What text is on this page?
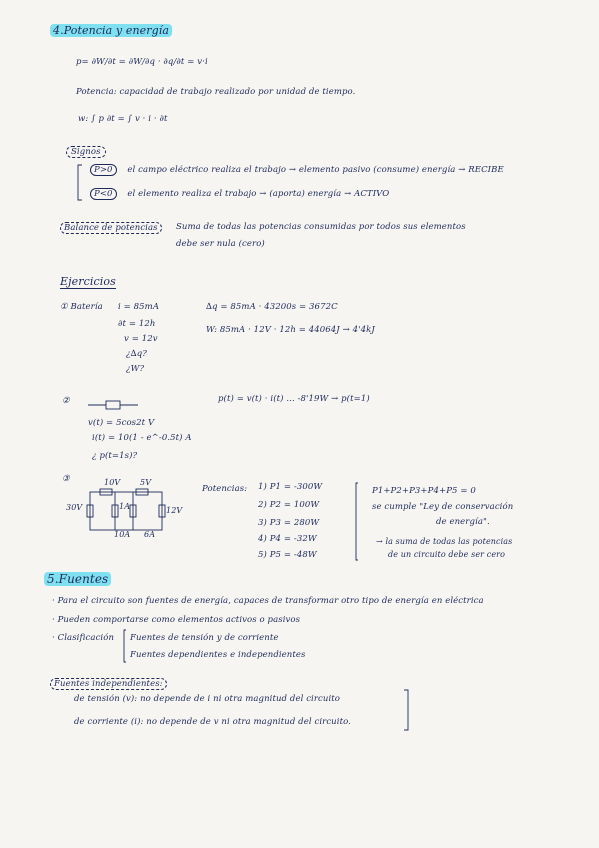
4.Potencia y energía
p= ∂W/∂t = ∂W/∂q · ∂q/∂t = v·i
Potencia: capacidad de trabajo realizado por unidad de tiempo.
w: ∫ p ∂t = ∫ v · i · ∂t
Signos
P>0 el campo eléctrico realiza el trabajo → elemento pasivo (consume) energía → RECIBE
P<0 el elemento realiza el trabajo → (aporta) energía → ACTIVO
Balance de potencias	Suma de todas las potencias consumidas por todos sus elementos
debe ser nula (cero)
Ejercicios
① Batería i = 85mA
∂t = 12h
v = 12v
¿∆q?
¿W?
∆q = 85mA · 43200s = 3672C
W: 85mA · 12V · 12h = 44064J → 4'4kJ
②
v(t) = 5cos2t V
i(t) = 10(1 - e^-0.5t) A
¿ p(t=1s)?
p(t) = v(t) · i(t) ... -8'19W → p(t=1)
③
Potencias: 1) P1 = -300W
2) P2 = 100W
3) P3 = 280W
4) P4 = -32W
5) P5 = -48W
P1+P2+P3+P4+P5 = 0
se cumple "Ley de conservación
de energía".
→ la suma de todas las potencias
de un circuito debe ser cero
10V 5V
30V	1A
6A
12V
10A
5.Fuentes
· Para el circuito son fuentes de energía, capaces de transformar otro tipo de energía en eléctrica
· Pueden comportarse como elementos activos o pasivos
· Clasificación Fuentes de tensión y de corriente
Fuentes dependientes e independientes
Fuentes independientes:
de tensión (v): no depende de i ni otra magnitud del circuito
de corriente (i): no depende de v ni otra magnitud del circuito.
